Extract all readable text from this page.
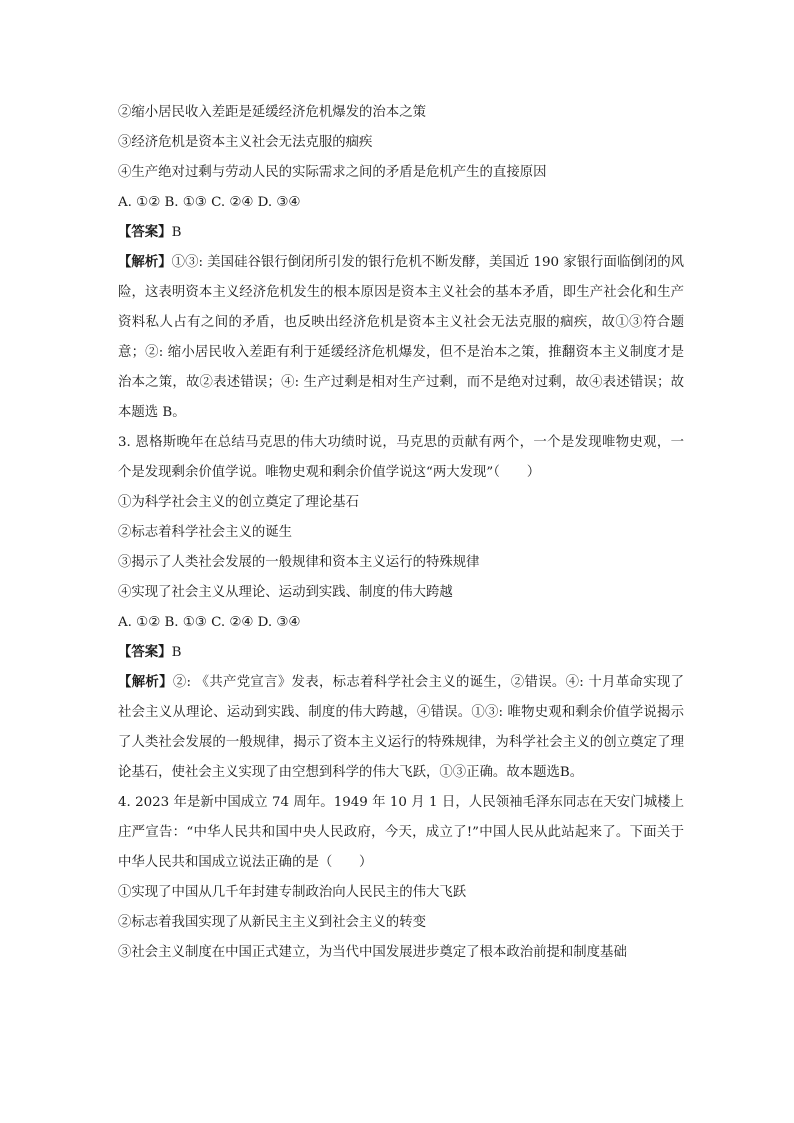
②缩小居民收入差距是延缓经济危机爆发的治本之策
③经济危机是资本主义社会无法克服的痼疾
④生产绝对过剩与劳动人民的实际需求之间的矛盾是危机产生的直接原因
A. ①② B. ①③ C. ②④ D. ③④
【答案】B

【解析】①③: 美国硅谷银行倒闭所引发的银行危机不断发酵，美国近 190 家银行面临倒闭的风险，这表明资本主义经济危机发生的根本原因是资本主义社会的基本矛盾，即生产社会化和生产资料私人占有之间的矛盾，也反映出经济危机是资本主义社会无法克服的痼疾，故①③符合题意；②: 缩小居民收入差距有利于延缓经济危机爆发，但不是治本之策，推翻资本主义制度才是治本之策，故②表述错误；④: 生产过剩是相对生产过剩，而不是绝对过剩，故④表述错误；故本题选 B。

3. 恩格斯晚年在总结马克思的伟大功绩时说，马克思的贡献有两个，一个是发现唯物史观，一个是发现剩余价值学说。唯物史观和剩余价值学说这“两大发现”（　　）

①为科学社会主义的创立奠定了理论基石
②标志着科学社会主义的诞生
③揭示了人类社会发展的一般规律和资本主义运行的特殊规律
④实现了社会主义从理论、运动到实践、制度的伟大跨越
A. ①② B. ①③ C. ②④ D. ③④
【答案】B

【解析】②: 《共产党宣言》发表，标志着科学社会主义的诞生，②错误。④: 十月革命实现了社会主义从理论、运动到实践、制度的伟大跨越，④错误。①③: 唯物史观和剩余价值学说揭示了人类社会发展的一般规律，揭示了资本主义运行的特殊规律，为科学社会主义的创立奠定了理论基石，使社会主义实现了由空想到科学的伟大飞跃，①③正确。故本题选B。

4. 2023 年是新中国成立 74 周年。1949 年 10 月 1 日，人民领袖毛泽东同志在天安门城楼上庄严宣告：“中华人民共和国中央人民政府，今天，成立了!”中国人民从此站起来了。下面关于中华人民共和国成立说法正确的是（　　）

①实现了中国从几千年封建专制政治向人民民主的伟大飞跃
②标志着我国实现了从新民主主义到社会主义的转变
③社会主义制度在中国正式建立，为当代中国发展进步奠定了根本政治前提和制度基础
